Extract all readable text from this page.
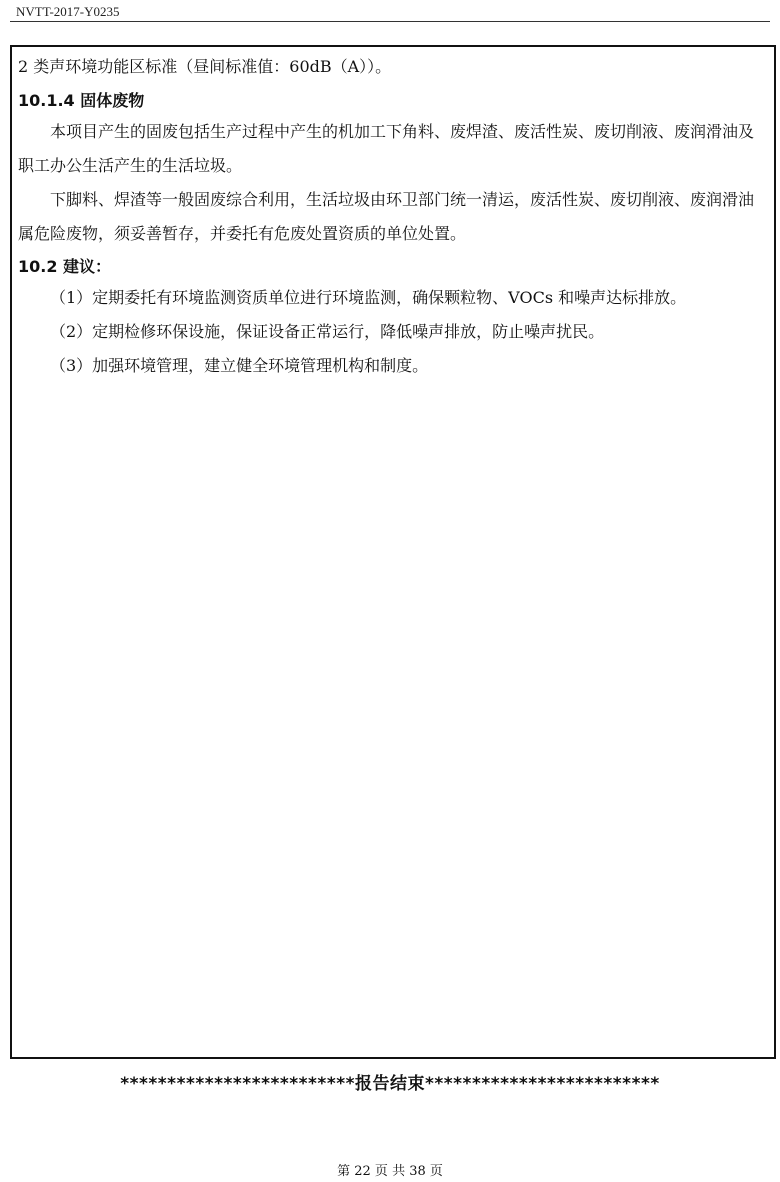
NVTT-2017-Y0235
2 类声环境功能区标准（昼间标准值：60dB（A））。
10.1.4 固体废物
本项目产生的固废包括生产过程中产生的机加工下角料、废焊渣、废活性炭、废切削液、废润滑油及职工办公生活产生的生活垃圾。
下脚料、焊渣等一般固废综合利用，生活垃圾由环卫部门统一清运，废活性炭、废切削液、废润滑油属危险废物，须妥善暂存，并委托有危废处置资质的单位处置。
10.2 建议：
（1）定期委托有环境监测资质单位进行环境监测，确保颗粒物、VOCs 和噪声达标排放。
（2）定期检修环保设施，保证设备正常运行，降低噪声排放，防止噪声扰民。
（3）加强环境管理，建立健全环境管理机构和制度。
*************************报告结束*************************
第 22 页 共 38 页
